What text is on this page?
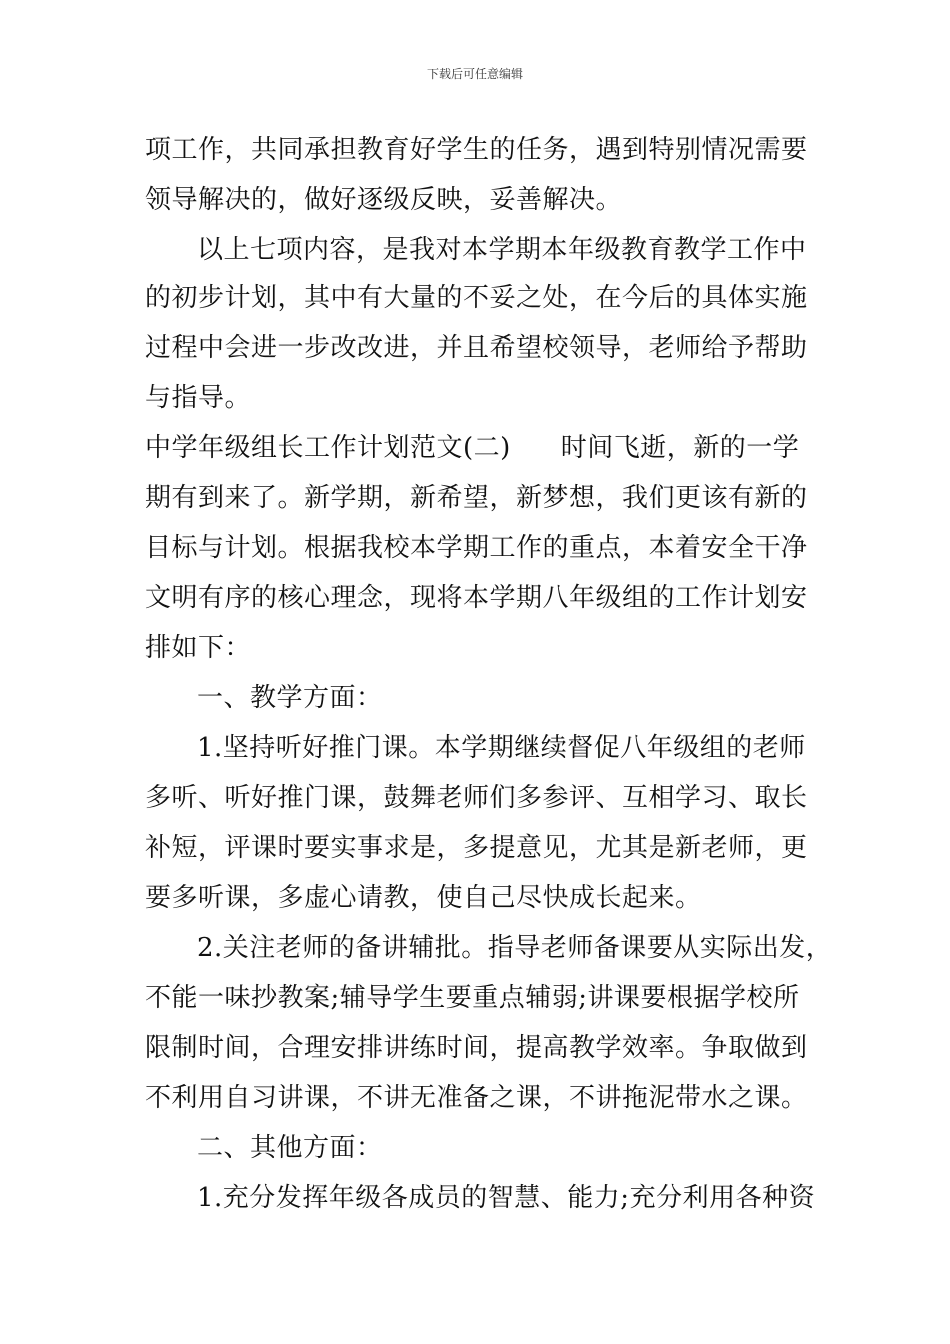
下载后可任意编辑
项工作，共同承担教育好学生的任务，遇到特别情况需要
领导解决的，做好逐级反映，妥善解决。
以上七项内容，是我对本学期本年级教育教学工作中
的初步计划，其中有大量的不妥之处，在今后的具体实施
过程中会进一步改改进，并且希望校领导，老师给予帮助
与指导。
中学年级组长工作计划范文(二) 时间飞逝，新的一学
期有到来了。新学期，新希望，新梦想，我们更该有新的
目标与计划。根据我校本学期工作的重点，本着安全干净
文明有序的核心理念，现将本学期八年级组的工作计划安
排如下：
一、教学方面：
1.坚持听好推门课。本学期继续督促八年级组的老师
多听、听好推门课，鼓舞老师们多参评、互相学习、取长
补短，评课时要实事求是，多提意见，尤其是新老师，更
要多听课，多虚心请教，使自己尽快成长起来。
2.关注老师的备讲辅批。指导老师备课要从实际出发，
不能一味抄教案;辅导学生要重点辅弱;讲课要根据学校所
限制时间，合理安排讲练时间，提高教学效率。争取做到
不利用自习讲课，不讲无准备之课，不讲拖泥带水之课。
二、其他方面：
1.充分发挥年级各成员的智慧、能力;充分利用各种资
